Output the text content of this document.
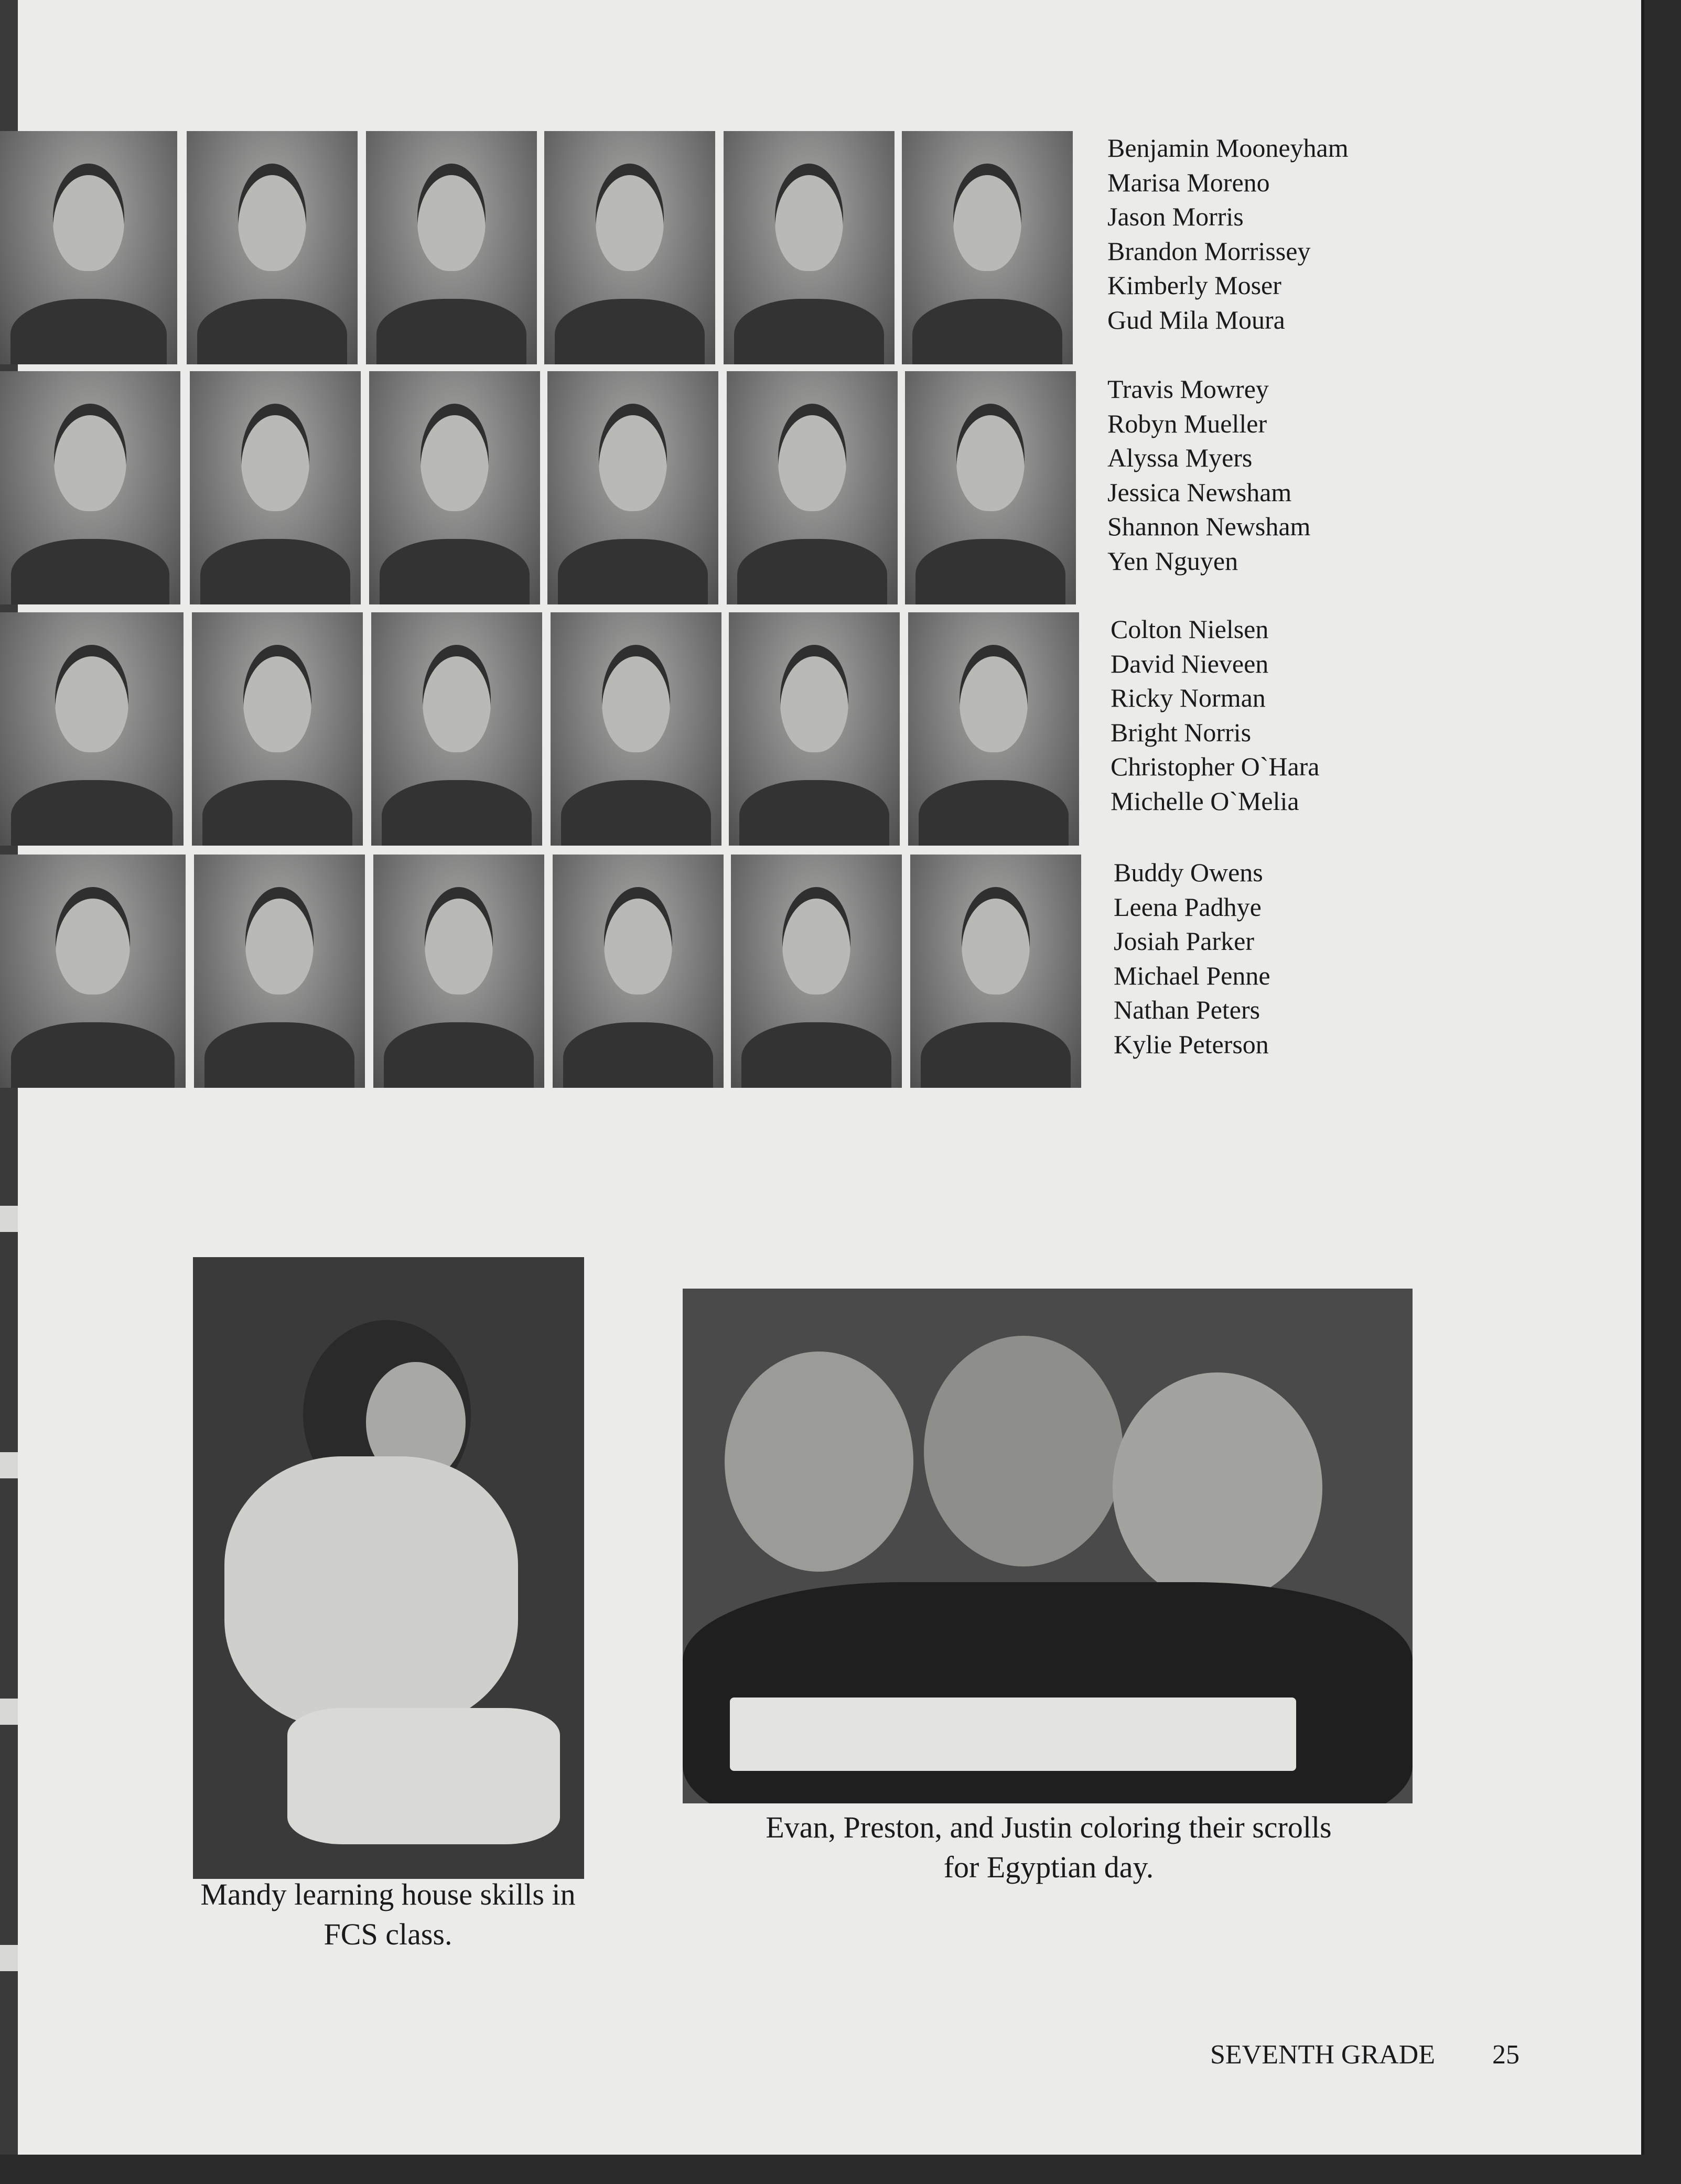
Benjamin Mooneyham
Marisa Moreno
Jason Morris
Brandon Morrissey
Kimberly Moser
Gud Mila Moura
Travis Mowrey
Robyn Mueller
Alyssa Myers
Jessica Newsham
Shannon Newsham
Yen Nguyen
Colton Nielsen
David Nieveen
Ricky Norman
Bright Norris
Christopher O`Hara
Michelle O`Melia
Buddy Owens
Leena Padhye
Josiah Parker
Michael Penne
Nathan Peters
Kylie Peterson
Mandy learning house skills in
FCS class.
Evan, Preston, and Justin coloring their scrolls
for Egyptian day.
SEVENTH GRADE 25
